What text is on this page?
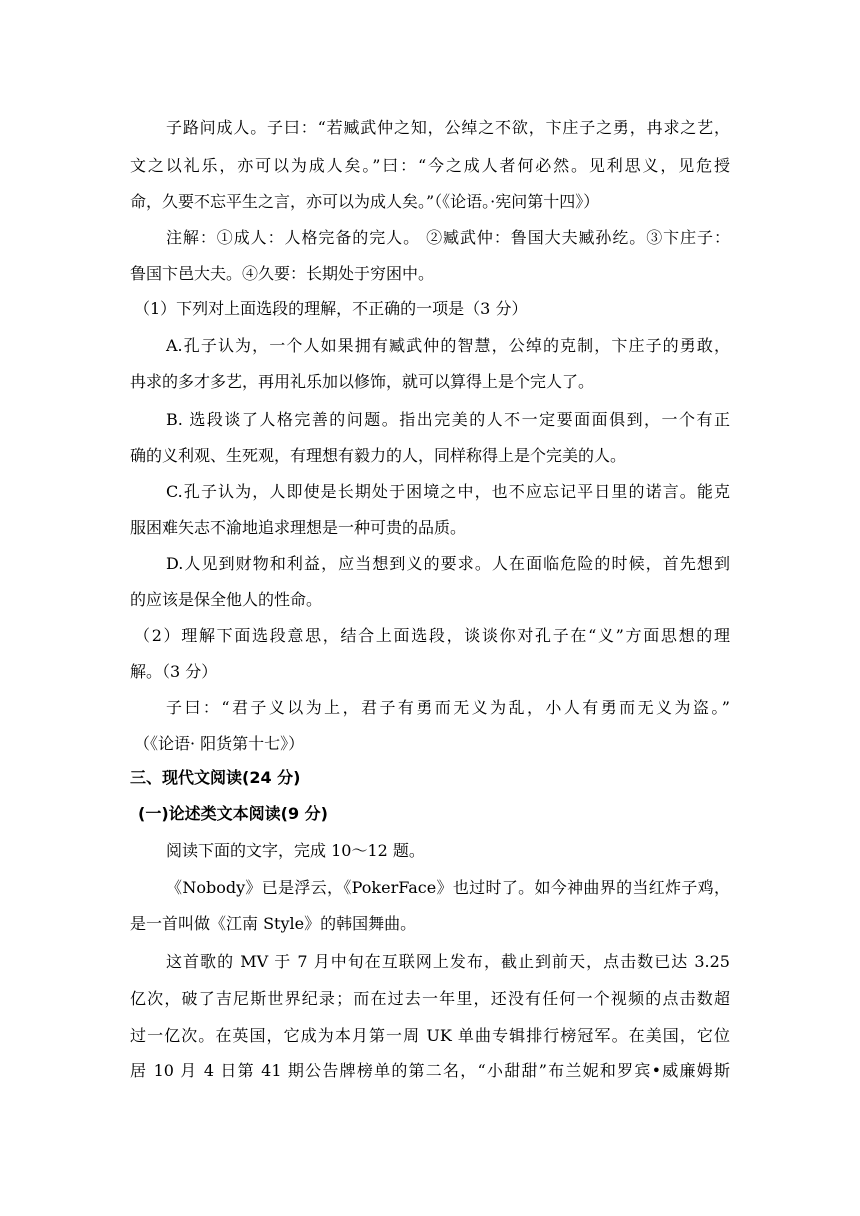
子路问成人。子曰：“若臧武仲之知，公绰之不欲，卞庄子之勇，冉求之艺，
文之以礼乐，亦可以为成人矣。”曰：“今之成人者何必然。见利思义，见危授
命，久要不忘平生之言，亦可以为成人矣。”（《论语。·宪问第十四》）
注解：①成人：人格完备的完人。 ②臧武仲：鲁国大夫臧孙纥。③卞庄子：
鲁国卞邑大夫。④久要：长期处于穷困中。
（1）下列对上面选段的理解，不正确的一项是（3 分）
A.孔子认为，一个人如果拥有臧武仲的智慧，公绰的克制，卞庄子的勇敢，
冉求的多才多艺，再用礼乐加以修饰，就可以算得上是个完人了。
B. 选段谈了人格完善的问题。指出完美的人不一定要面面俱到，一个有正
确的义利观、生死观，有理想有毅力的人，同样称得上是个完美的人。
C.孔子认为，人即使是长期处于困境之中，也不应忘记平日里的诺言。能克
服困难矢志不渝地追求理想是一种可贵的品质。
D.人见到财物和利益，应当想到义的要求。人在面临危险的时候，首先想到
的应该是保全他人的性命。
（2）理解下面选段意思，结合上面选段，谈谈你对孔子在“义”方面思想的理
解。（3 分）
子曰：“君子义以为上，君子有勇而无义为乱，小人有勇而无义为盗。”
（《论语· 阳货第十七》）
三、现代文阅读(24 分)
(一)论述类文本阅读(9 分)
阅读下面的文字，完成 10～12 题。
《Nobody》已是浮云，《PokerFace》也过时了。如今神曲界的当红炸子鸡，
是一首叫做《江南 Style》的韩国舞曲。
这首歌的 MV 于 7 月中旬在互联网上发布，截止到前天，点击数已达 3.25
亿次，破了吉尼斯世界纪录；而在过去一年里，还没有任何一个视频的点击数超
过一亿次。在英国，它成为本月第一周 UK 单曲专辑排行榜冠军。在美国，它位
居 10 月 4 日第 41 期公告牌榜单的第二名，“小甜甜”布兰妮和罗宾•威廉姆斯
